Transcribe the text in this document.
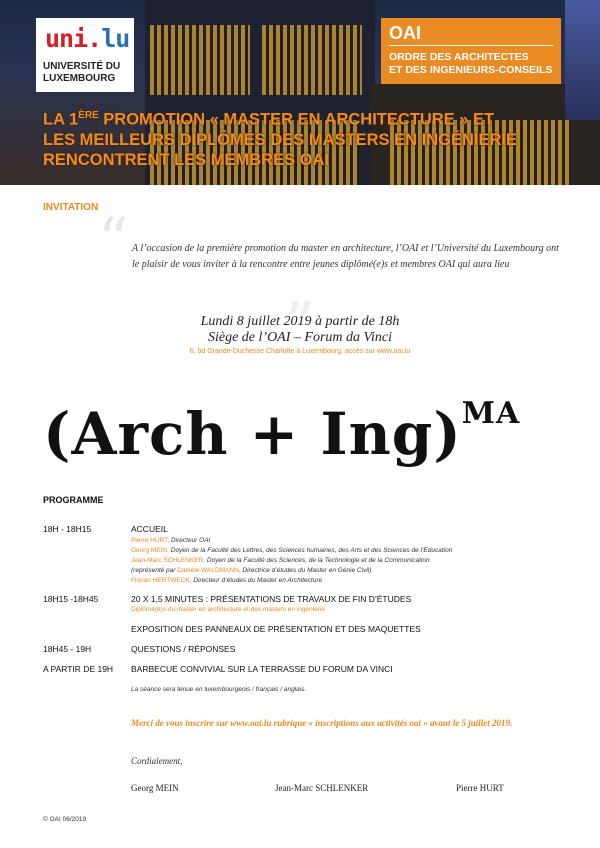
uni.lu
UNIVERSITÉ DU
LUXEMBOURG
OAI
ORDRE DES ARCHITECTES
ET DES INGENIEURS-CONSEILS
LA 1ÈRE PROMOTION « MASTER EN ARCHITECTURE » ET
LES MEILLEURS DIPLÔMÉS DES MASTERS EN INGÉNIERIE
RENCONTRENT LES MEMBRES OAI
INVITATION “
”
A l’occasion de la première promotion du master en architecture, l’OAI et l’Université du Luxembourg ont
le plaisir de vous inviter à la rencontre entre jeunes diplômé(e)s et membres OAI qui aura lieu
Lundi 8 juillet 2019 à partir de 18h
Siège de l’OAI – Forum da Vinci
6, bd Grande-Duchesse Charlotte à Luxembourg, accès sur www.oai.lu
(Arch + Ing)$^{MA}$
PROGRAMME
18H - 18H15	ACCUEIL
Pierre HURT, Directeur OAI
Georg MEIN, Doyen de la Faculté des Lettres, des Sciences humaines, des Arts et des Sciences de l’Education
Jean-Marc SCHLENKER, Doyen de la Faculté des Sciences, de la Technologie et de la Communication
(représenté par Danièle WALDMANN, Directrice d’études du Master en Génie Civil)
Florian HERTWECK, Directeur d’études du Master en Architecture
18H15 -18H45	20 X 1,5 MINUTES : PRÉSENTATIONS DE TRAVAUX DE FIN D’ÉTUDES
Diplômé(e)s du master en architecture et des masters en ingénierie
EXPOSITION DES PANNEAUX DE PRÉSENTATION ET DES MAQUETTES
18H45 - 19H	QUESTIONS / RÉPONSES
A PARTIR DE 19H	BARBECUE CONVIVIAL SUR LA TERRASSE DU FORUM DA VINCI
La séance sera tenue en luxembourgeois / français / anglais.
Merci de vous inscrire sur www.oai.lu rubrique « inscriptions aux activités oai » avant le 5 juillet 2019.
Cordialement,
Georg MEIN	Jean-Marc SCHLENKER	Pierre HURT
© OAI 06/2019
